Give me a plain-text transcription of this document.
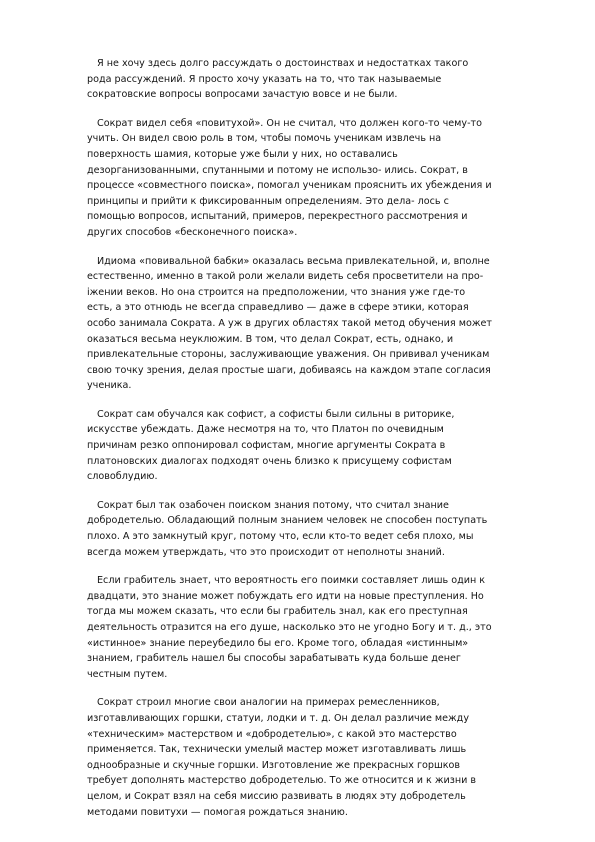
Я не хочу здесь долго рассуждать о достоинствах и недостатках такого
рода рассуждений. Я просто хочу указать на то, что так называемые
сократовские вопросы вопросами зачастую вовсе и не были.

Сократ видел себя «повитухой». Он не считал, что должен кого-то чему-то
учить. Он видел свою роль в том, чтобы помочь ученикам извлечь на
поверхность шамия, которые уже были у них, но оставались
дезорганизованными, спутанными и потому не использо- ились. Сократ, в
процессе «совместного поиска», помогал ученикам прояснить их убеждения и
принципы и прийти к фиксированным определениям. Это дела- лось с
помощью вопросов, испытаний, примеров, перекрестного рассмотрения и
других способов «бесконечного поиска».

Идиома «повивальной бабки» оказалась весьма привлекательной, и, вполне
естественно, именно в такой роли желали видеть себя просветители на про-
іжении веков. Но она строится на предположении, что знания уже где-то
есть, а это отнюдь не всегда справедливо — даже в сфере этики, которая
особо занимала Сократа. А уж в других областях такой метод обучения может
оказаться весьма неуклюжим. В том, что делал Сократ, есть, однако, и
привлекательные стороны, заслуживающие уважения. Он прививал ученикам
свою точку зрения, делая простые шаги, добиваясь на каждом этапе согласия
ученика.

Сократ сам обучался как софист, а софисты были сильны в риторике,
искусстве убеждать. Даже несмотря на то, что Платон по очевидным
причинам резко оппонировал софистам, многие аргументы Сократа в
платоновских диалогах подходят очень близко к присущему софистам
словоблудию.

Сократ был так озабочен поиском знания потому, что считал знание
добродетелью. Обладающий полным знанием человек не способен поступать
плохо. А это замкнутый круг, потому что, если кто-то ведет себя плохо, мы
всегда можем утверждать, что это происходит от неполноты знаний.

Если грабитель знает, что вероятность его поимки составляет лишь один к
двадцати, это знание может побуждать его идти на новые преступления. Но
тогда мы можем сказать, что если бы грабитель знал, как его преступная
деятельность отразится на его душе, насколько это не угодно Богу и т. д., это
«истинное» знание переубедило бы его. Кроме того, обладая «истинным»
знанием, грабитель нашел бы способы зарабатывать куда больше денег
честным путем.

Сократ строил многие свои аналогии на примерах ремесленников,
изготавливающих горшки, статуи, лодки и т. д. Он делал различие между
«техническим» мастерством и «добродетелью», с какой это мастерство
применяется. Так, технически умелый мастер может изготавливать лишь
однообразные и скучные горшки. Изготовление же прекрасных горшков
требует дополнять мастерство добродетелью. То же относится и к жизни в
целом, и Сократ взял на себя миссию развивать в людях эту добродетель
методами повитухи — помогая рождаться знанию.
